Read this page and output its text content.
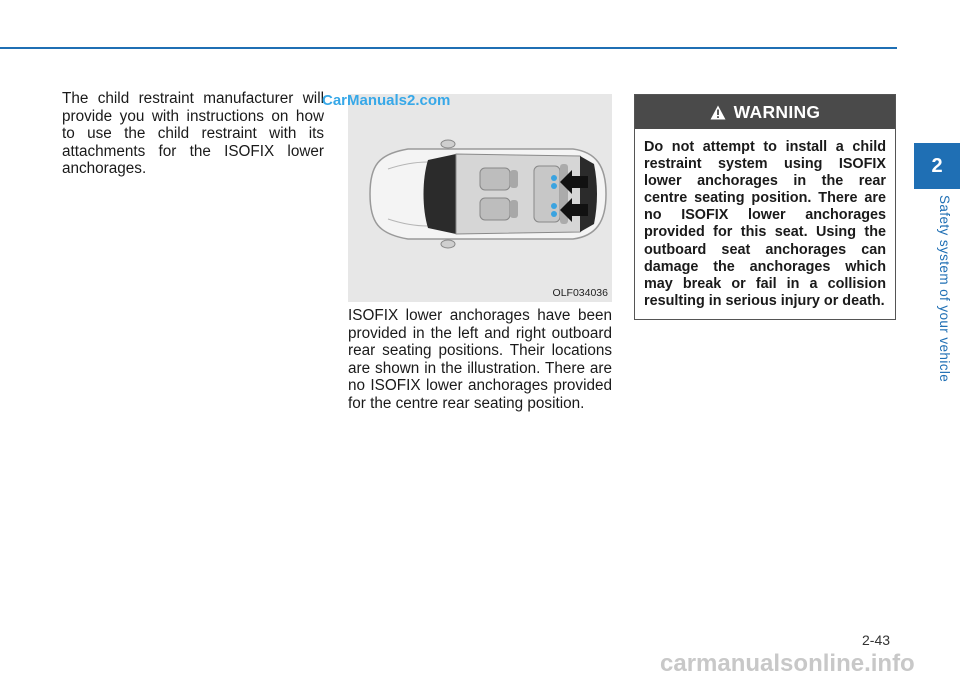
The child restraint manufacturer will provide you with instructions on how to use the child restraint with its attachments for the ISOFIX lower anchorages.
OLF034036
CarManuals2.com
ISOFIX lower anchorages have been provided in the left and right outboard rear seating positions. Their locations are shown in the illustration. There are no ISOFIX lower anchorages provided for the centre rear seating position.
WARNING
Do not attempt to install a child restraint system using ISOFIX lower anchorages in the rear centre seating position. There are no ISOFIX lower anchorages provided for this seat. Using the outboard seat anchorages can damage the anchorages which may break or fail in a collision resulting in serious injury or death.
2
Safety system of your vehicle
2-43
carmanualsonline.info
